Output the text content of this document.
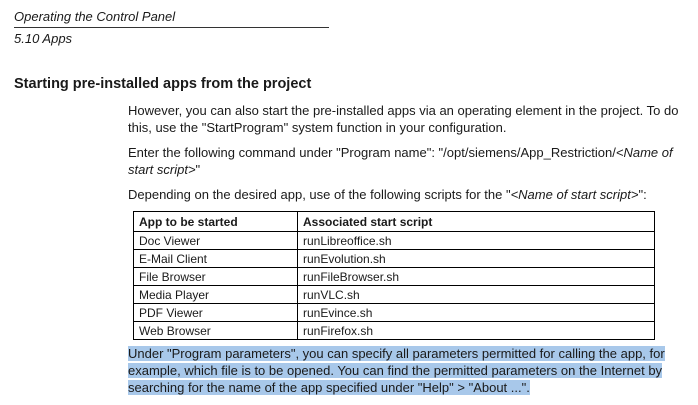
Operating the Control Panel
5.10 Apps
Starting pre-installed apps from the project

However, you can also start the pre-installed apps via an operating element in the project. To do this, use the "StartProgram" system function in your configuration.

Enter the following command under "Program name": "/opt/siemens/App_Restriction/<Name of start script>"

Depending on the desired app, use of the following scripts for the "<Name of start script>":

App to be started	Associated start script
Doc Viewer	runLibreoffice.sh
E-Mail Client	runEvolution.sh
File Browser	runFileBrowser.sh
Media Player	runVLC.sh
PDF Viewer	runEvince.sh
Web Browser	runFirefox.sh

Under "Program parameters", you can specify all parameters permitted for calling the app, for example, which file is to be opened. You can find the permitted parameters on the Internet by searching for the name of the app specified under "Help" > "About ...".
